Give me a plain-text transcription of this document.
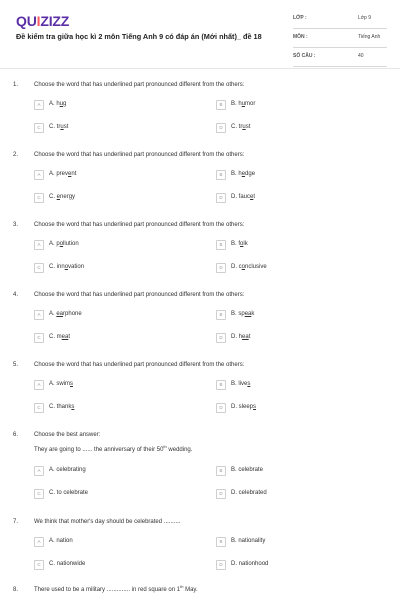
QUIZIZZ
Đề kiểm tra giữa học kì 2 môn Tiếng Anh 9 có đáp án (Mới nhất)_ đề 18
LỚP :	Lớp 9
MÔN :	Tiếng Anh
SỐ CÂU :	40
1.	Choose the word that has underlined part pronounced different from the others:
A	A. hug	B	B. humor
C	C. trust	D	C. trust
2.	Choose the word that has underlined part pronounced different from the others:
A	A. prevent	B	B. hedge
C	C. energy	D	D. faucet
3.	Choose the word that has underlined part pronounced different from the others:
A	A. pollution	B	B. folk
C	C. innovation	D	D. conclusive
4.	Choose the word that has underlined part pronounced different from the others:
A	A. earphone	B	B. speak
C	C. meat	D	D. heat
5.	Choose the word that has underlined part pronounced different from the others:
A	A. swims	B	B. lives
C	C. thanks	D	D. sleeps
6.	Choose the best answer:
They are going to ...... the anniversary of their 50th wedding.
A	A. celebrating	B	B. celebrate
C	C. to celebrate	D	D. celebrated
7.	We think that mother's day should be celebrated ..........
A	A. nation	B	B. nationality
C	C. nationwide	D	D. nationhood
8.	There used to be a military .............. in red square on 1th May.
